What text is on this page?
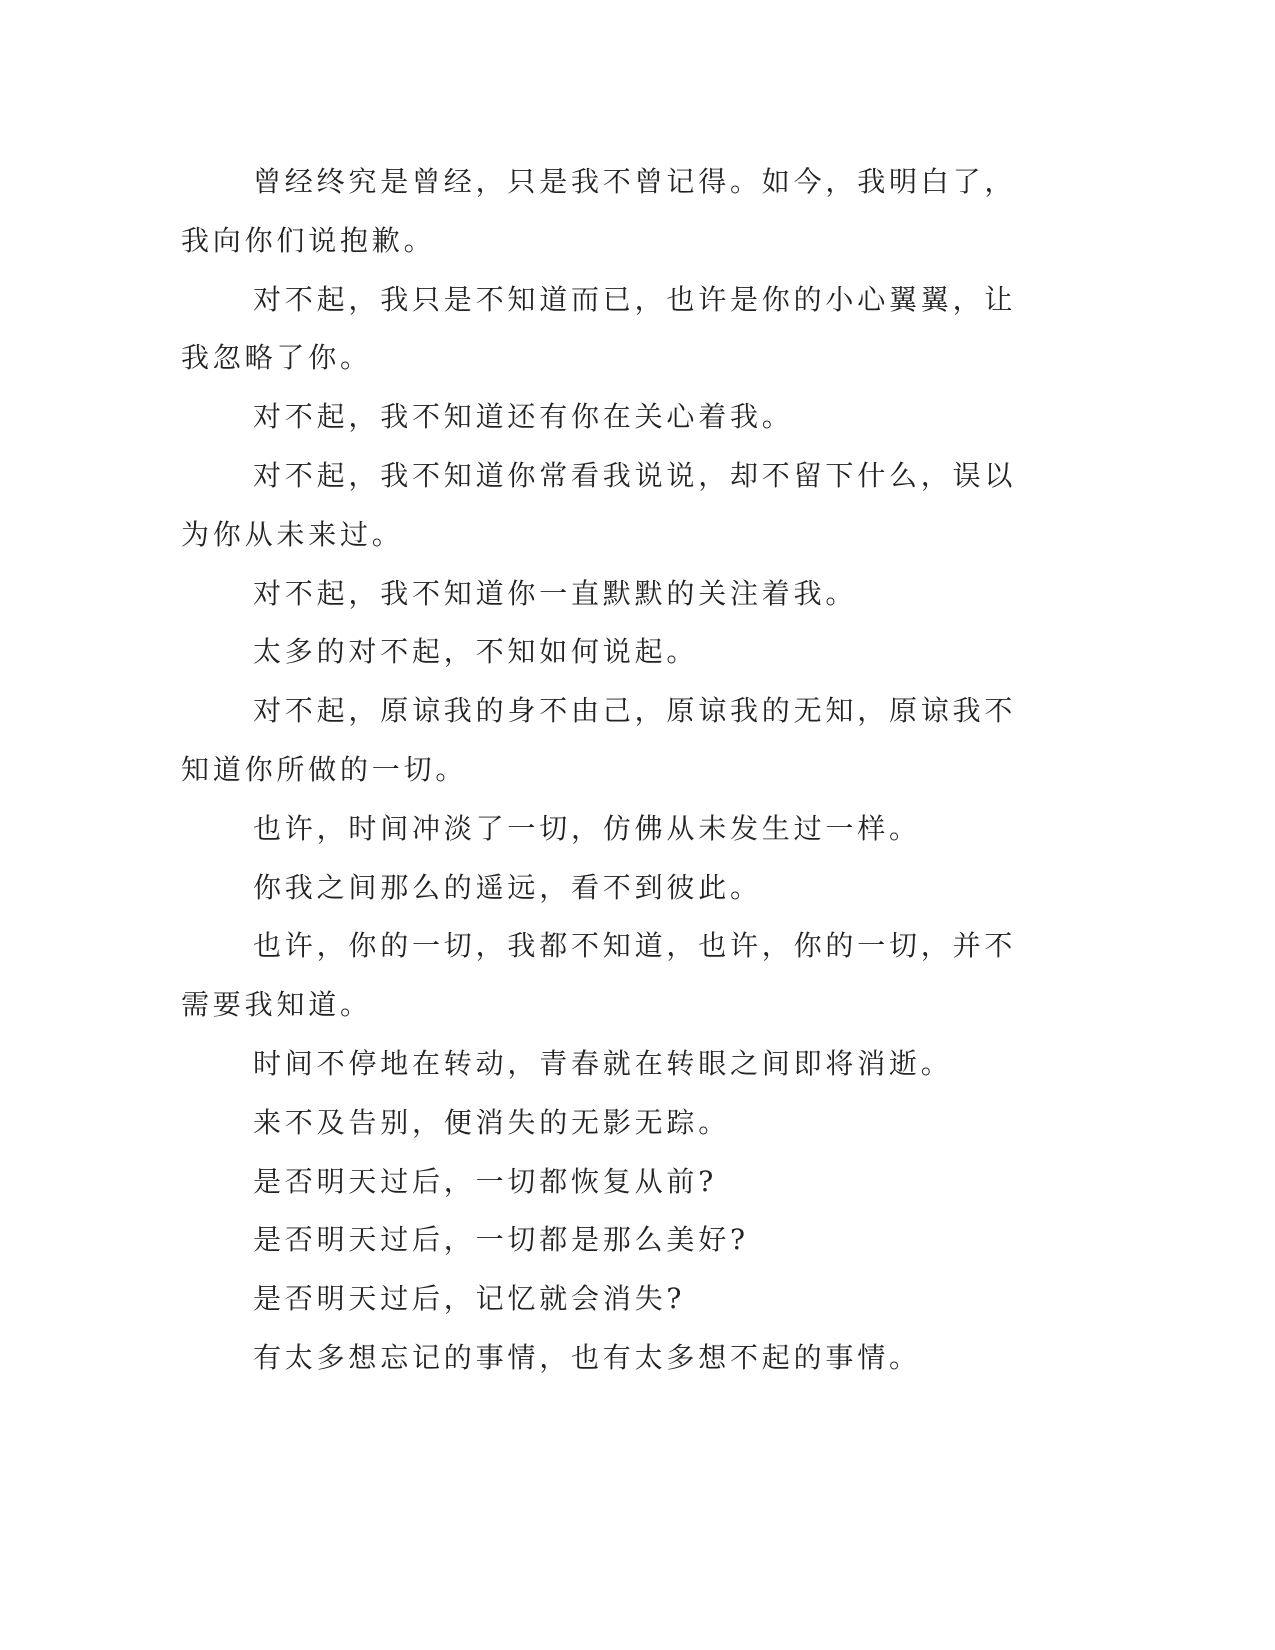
曾经终究是曾经，只是我不曾记得。如今，我明白了，我向你们说抱歉。

对不起，我只是不知道而已，也许是你的小心翼翼，让我忽略了你。

对不起，我不知道还有你在关心着我。

对不起，我不知道你常看我说说，却不留下什么，误以为你从未来过。

对不起，我不知道你一直默默的关注着我。

太多的对不起，不知如何说起。

对不起，原谅我的身不由己，原谅我的无知，原谅我不知道你所做的一切。

也许，时间冲淡了一切，仿佛从未发生过一样。

你我之间那么的遥远，看不到彼此。

也许，你的一切，我都不知道，也许，你的一切，并不需要我知道。

时间不停地在转动，青春就在转眼之间即将消逝。

来不及告别，便消失的无影无踪。

是否明天过后，一切都恢复从前?

是否明天过后，一切都是那么美好?

是否明天过后，记忆就会消失?

有太多想忘记的事情，也有太多想不起的事情。
